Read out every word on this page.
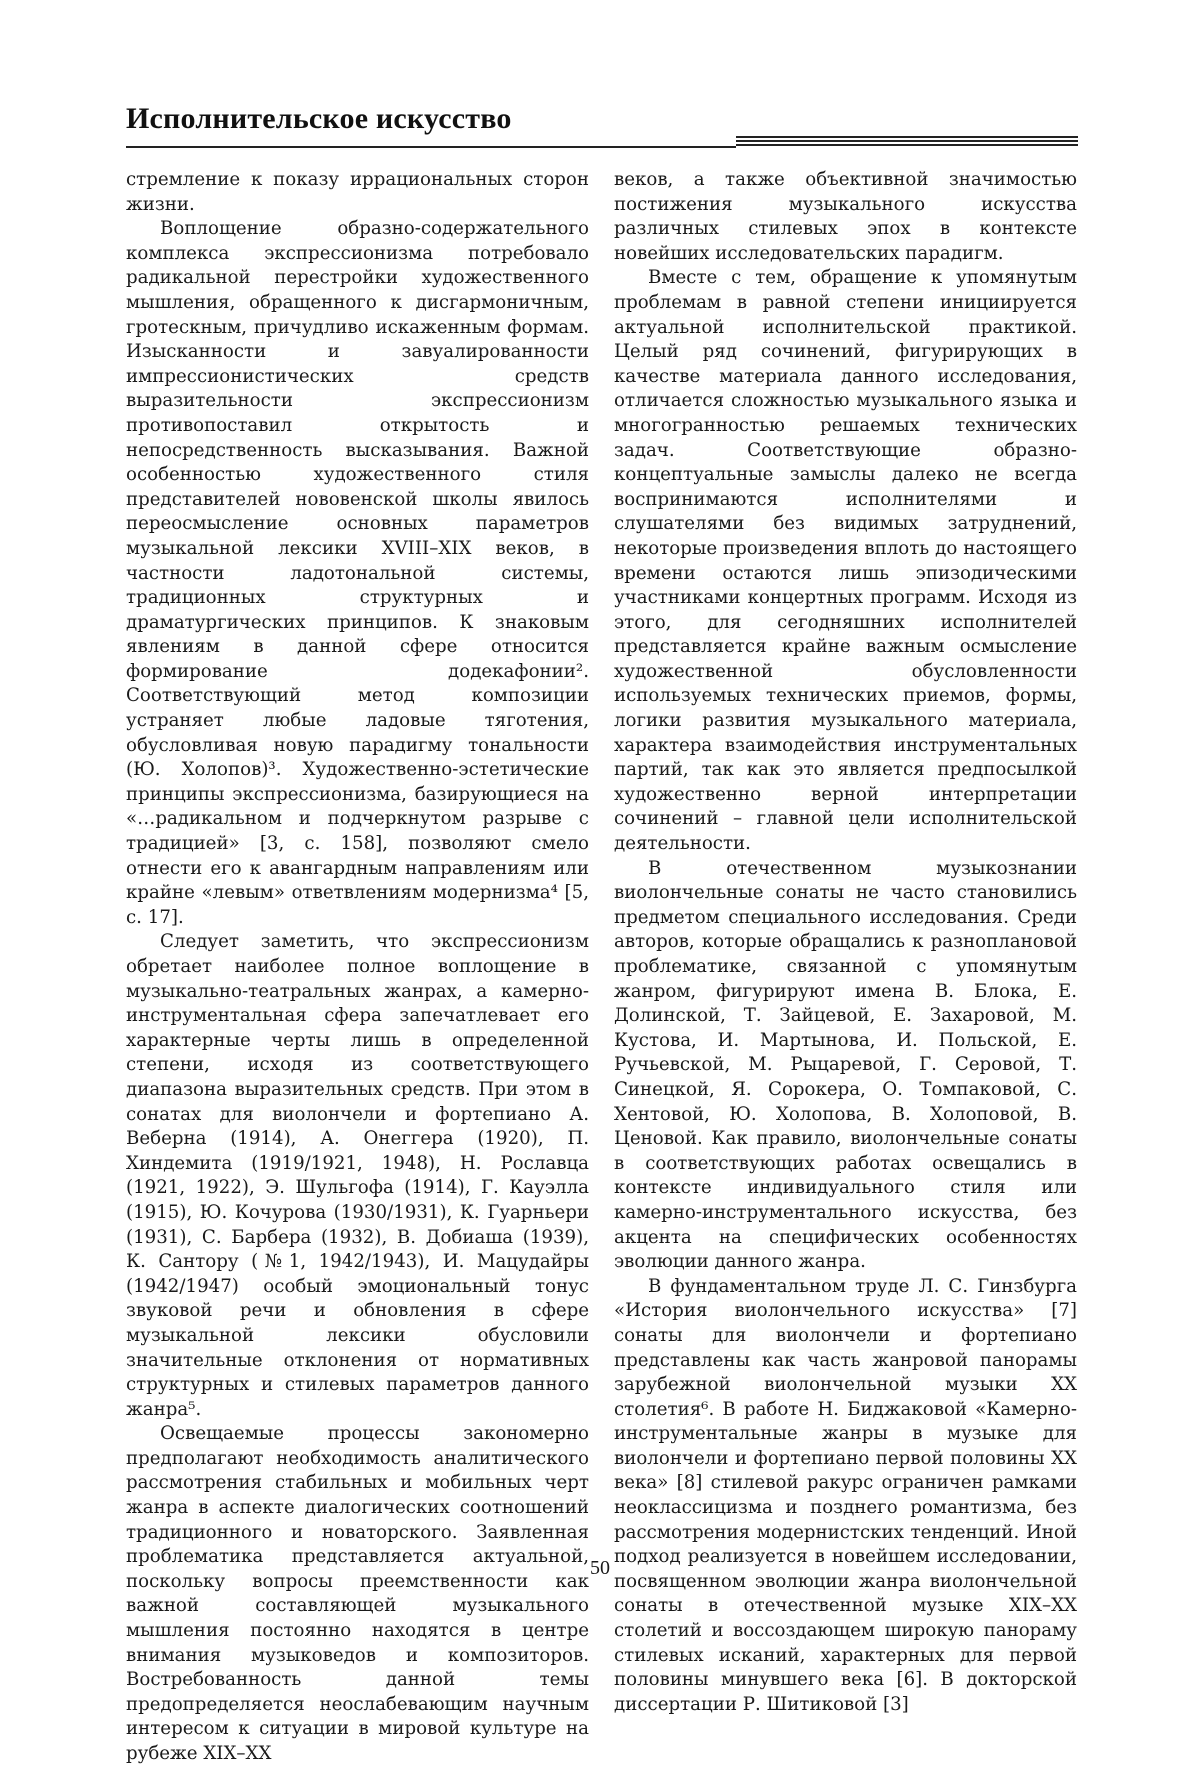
Исполнительское искусство

стремление к показу иррациональных сторон жизни.

Воплощение образно-содержательного комплекса экспрессионизма потребовало радикальной перестройки художественного мышления, обращенного к дисгармоничным, гротескным, причудливо искаженным формам. Изысканности и завуалированности импрессионистических средств выразительности экспрессионизм противопоставил открытость и непосредственность высказывания. Важной особенностью художественного стиля представителей нововенской школы явилось переосмысление основных параметров музыкальной лексики XVIII–XIX веков, в частности ладотональной системы, традиционных структурных и драматургических принципов. К знаковым явлениям в данной сфере относится формирование додекафонии². Соответствующий метод композиции устраняет любые ладовые тяготения, обусловливая новую парадигму тональности (Ю. Холопов)³. Художественно-эстетические принципы экспрессионизма, базирующиеся на «…радикальном и подчеркнутом разрыве с традицией» [3, с. 158], позволяют смело отнести его к авангардным направлениям или крайне «левым» ответвлениям модернизма⁴ [5, с. 17].

Следует заметить, что экспрессионизм обретает наиболее полное воплощение в музыкально-театральных жанрах, а камерно-инструментальная сфера запечатлевает его характерные черты лишь в определенной степени, исходя из соответствующего диапазона выразительных средств. При этом в сонатах для виолончели и фортепиано А. Веберна (1914), А. Онеггера (1920), П. Хиндемита (1919/1921, 1948), Н. Рославца (1921, 1922), Э. Шульгофа (1914), Г. Кауэлла (1915), Ю. Кочурова (1930/1931), К. Гуарньери (1931), С. Барбера (1932), В. Добиаша (1939), К. Сантору (№1, 1942/1943), И. Мацудайры (1942/1947) особый эмоциональный тонус звуковой речи и обновления в сфере музыкальной лексики обусловили значительные отклонения от нормативных структурных и стилевых параметров данного жанра⁵.

Освещаемые процессы закономерно предполагают необходимость аналитического рассмотрения стабильных и мобильных черт жанра в аспекте диалогических соотношений традиционного и новаторского. Заявленная проблематика представляется актуальной, поскольку вопросы преемственности как важной составляющей музыкального мышления постоянно находятся в центре внимания музыковедов и композиторов. Востребованность данной темы предопределяется неослабевающим научным интересом к ситуации в мировой культуре на рубеже XIX–XX

веков, а также объективной значимостью постижения музыкального искусства различных стилевых эпох в контексте новейших исследовательских парадигм.

Вместе с тем, обращение к упомянутым проблемам в равной степени инициируется актуальной исполнительской практикой. Целый ряд сочинений, фигурирующих в качестве материала данного исследования, отличается сложностью музыкального языка и многогранностью решаемых технических задач. Соответствующие образно-концептуальные замыслы далеко не всегда воспринимаются исполнителями и слушателями без видимых затруднений, некоторые произведения вплоть до настоящего времени остаются лишь эпизодическими участниками концертных программ. Исходя из этого, для сегодняшних исполнителей представляется крайне важным осмысление художественной обусловленности используемых технических приемов, формы, логики развития музыкального материала, характера взаимодействия инструментальных партий, так как это является предпосылкой художественно верной интерпретации сочинений – главной цели исполнительской деятельности.

В отечественном музыкознании виолончельные сонаты не часто становились предметом специального исследования. Среди авторов, которые обращались к разноплановой проблематике, связанной с упомянутым жанром, фигурируют имена В. Блока, Е. Долинской, Т. Зайцевой, Е. Захаровой, М. Кустова, И. Мартынова, И. Польской, Е. Ручьевской, М. Рыцаревой, Г. Серовой, Т. Синецкой, Я. Сорокера, О. Томпаковой, С. Хентовой, Ю. Холопова, В. Холоповой, В. Ценовой. Как правило, виолончельные сонаты в соответствующих работах освещались в контексте индивидуального стиля или камерно-инструментального искусства, без акцента на специфических особенностях эволюции данного жанра.

В фундаментальном труде Л. С. Гинзбурга «История виолончельного искусства» [7] сонаты для виолончели и фортепиано представлены как часть жанровой панорамы зарубежной виолончельной музыки XX столетия⁶. В работе Н. Биджаковой «Камерно-инструментальные жанры в музыке для виолончели и фортепиано первой половины XX века» [8] стилевой ракурс ограничен рамками неоклассицизма и позднего романтизма, без рассмотрения модернистских тенденций. Иной подход реализуется в новейшем исследовании, посвященном эволюции жанра виолончельной сонаты в отечественной музыке XIX–XX столетий и воссоздающем широкую панораму стилевых исканий, характерных для первой половины минувшего века [6]. В докторской диссертации Р. Шитиковой [3]

50
